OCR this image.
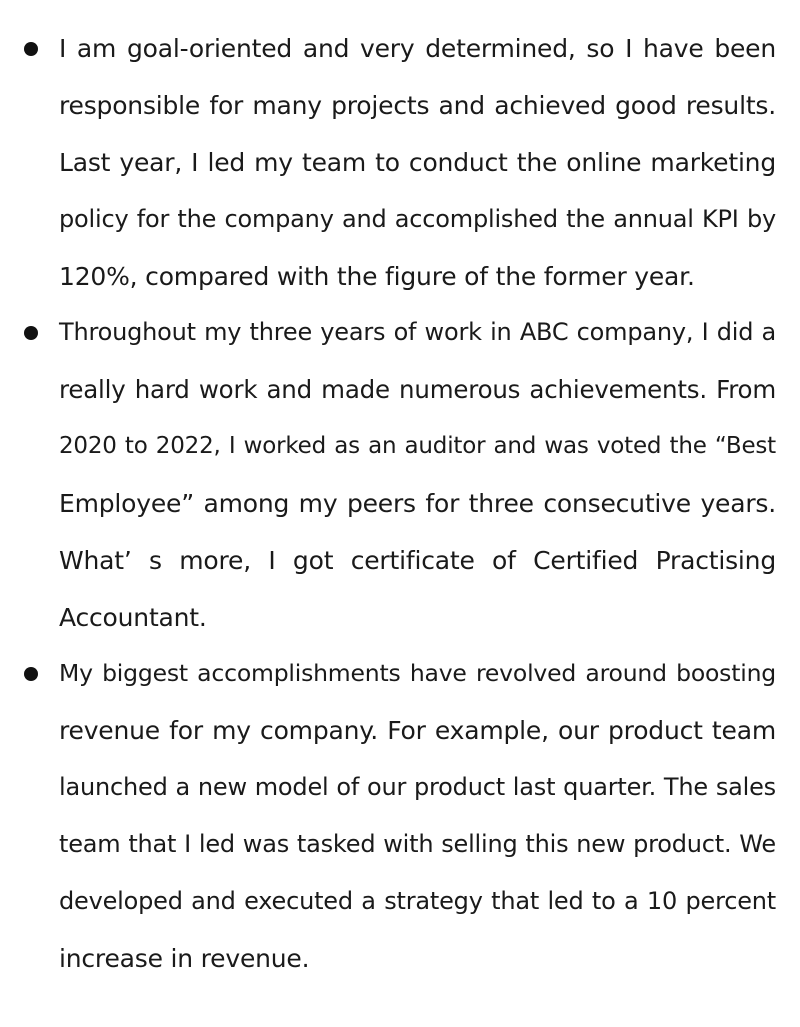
I am goal-oriented and very determined, so I have been
responsible for many projects and achieved good results.
Last year, I led my team to conduct the online marketing
policy for the company and accomplished the annual KPI by
120%, compared with the figure of the former year.

Throughout my three years of work in ABC company, I did a
really hard work and made numerous achievements. From
2020 to 2022, I worked as an auditor and was voted the “Best
Employee” among my peers for three consecutive years.
What’ s more, I got certificate of Certified Practising
Accountant.

My biggest accomplishments have revolved around boosting
revenue for my company. For example, our product team
launched a new model of our product last quarter. The sales
team that I led was tasked with selling this new product. We
developed and executed a strategy that led to a 10 percent
increase in revenue.
